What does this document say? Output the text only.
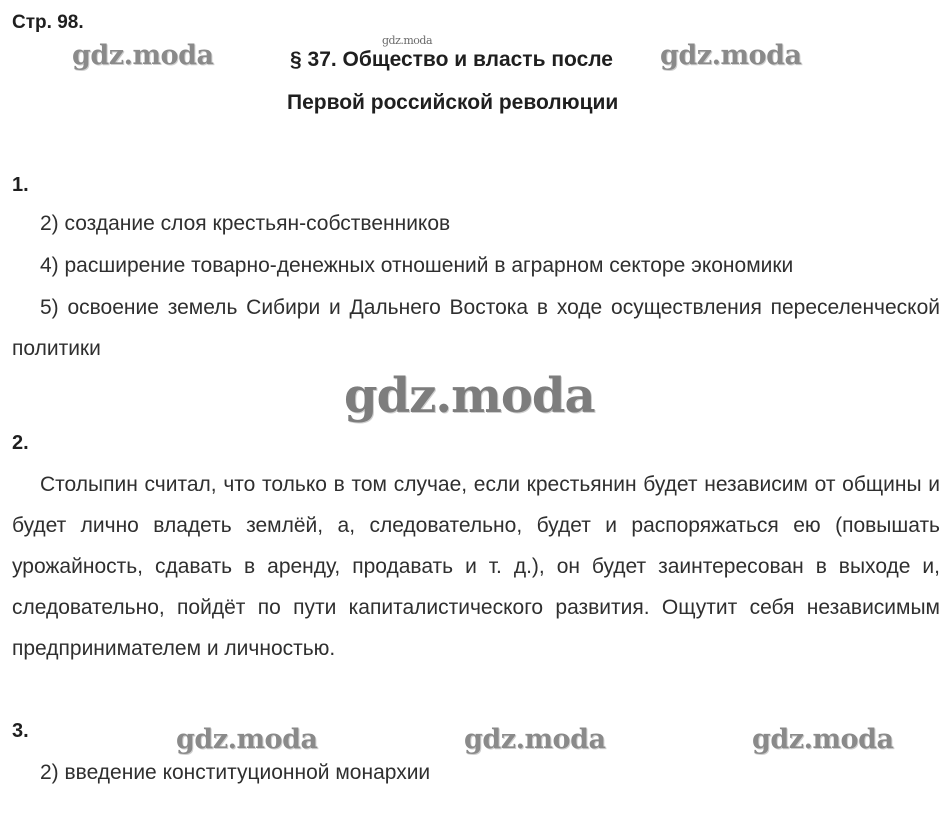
Стр. 98.
gdz.moda	gdz.moda
§ 37. Общество и власть после gdz.moda
Первой российской революции
1.
2) создание слоя крестьян-собственников
4) расширение товарно-денежных отношений в аграрном секторе экономики
5) освоение земель Сибири и Дальнего Востока в ходе осуществления переселенческой политики
gdz.moda
2.
Столыпин считал, что только в том случае, если крестьянин будет независим от общины и будет лично владеть землёй, а, следовательно, будет и распоряжаться ею (повышать урожайность, сдавать в аренду, продавать и т. д.), он будет заинтересован в выходе и, следовательно, пойдёт по пути капиталистического развития. Ощутит себя независимым предпринимателем и личностью.
3.	gdz.moda	gdz.moda	gdz.moda
2) введение конституционной монархии
